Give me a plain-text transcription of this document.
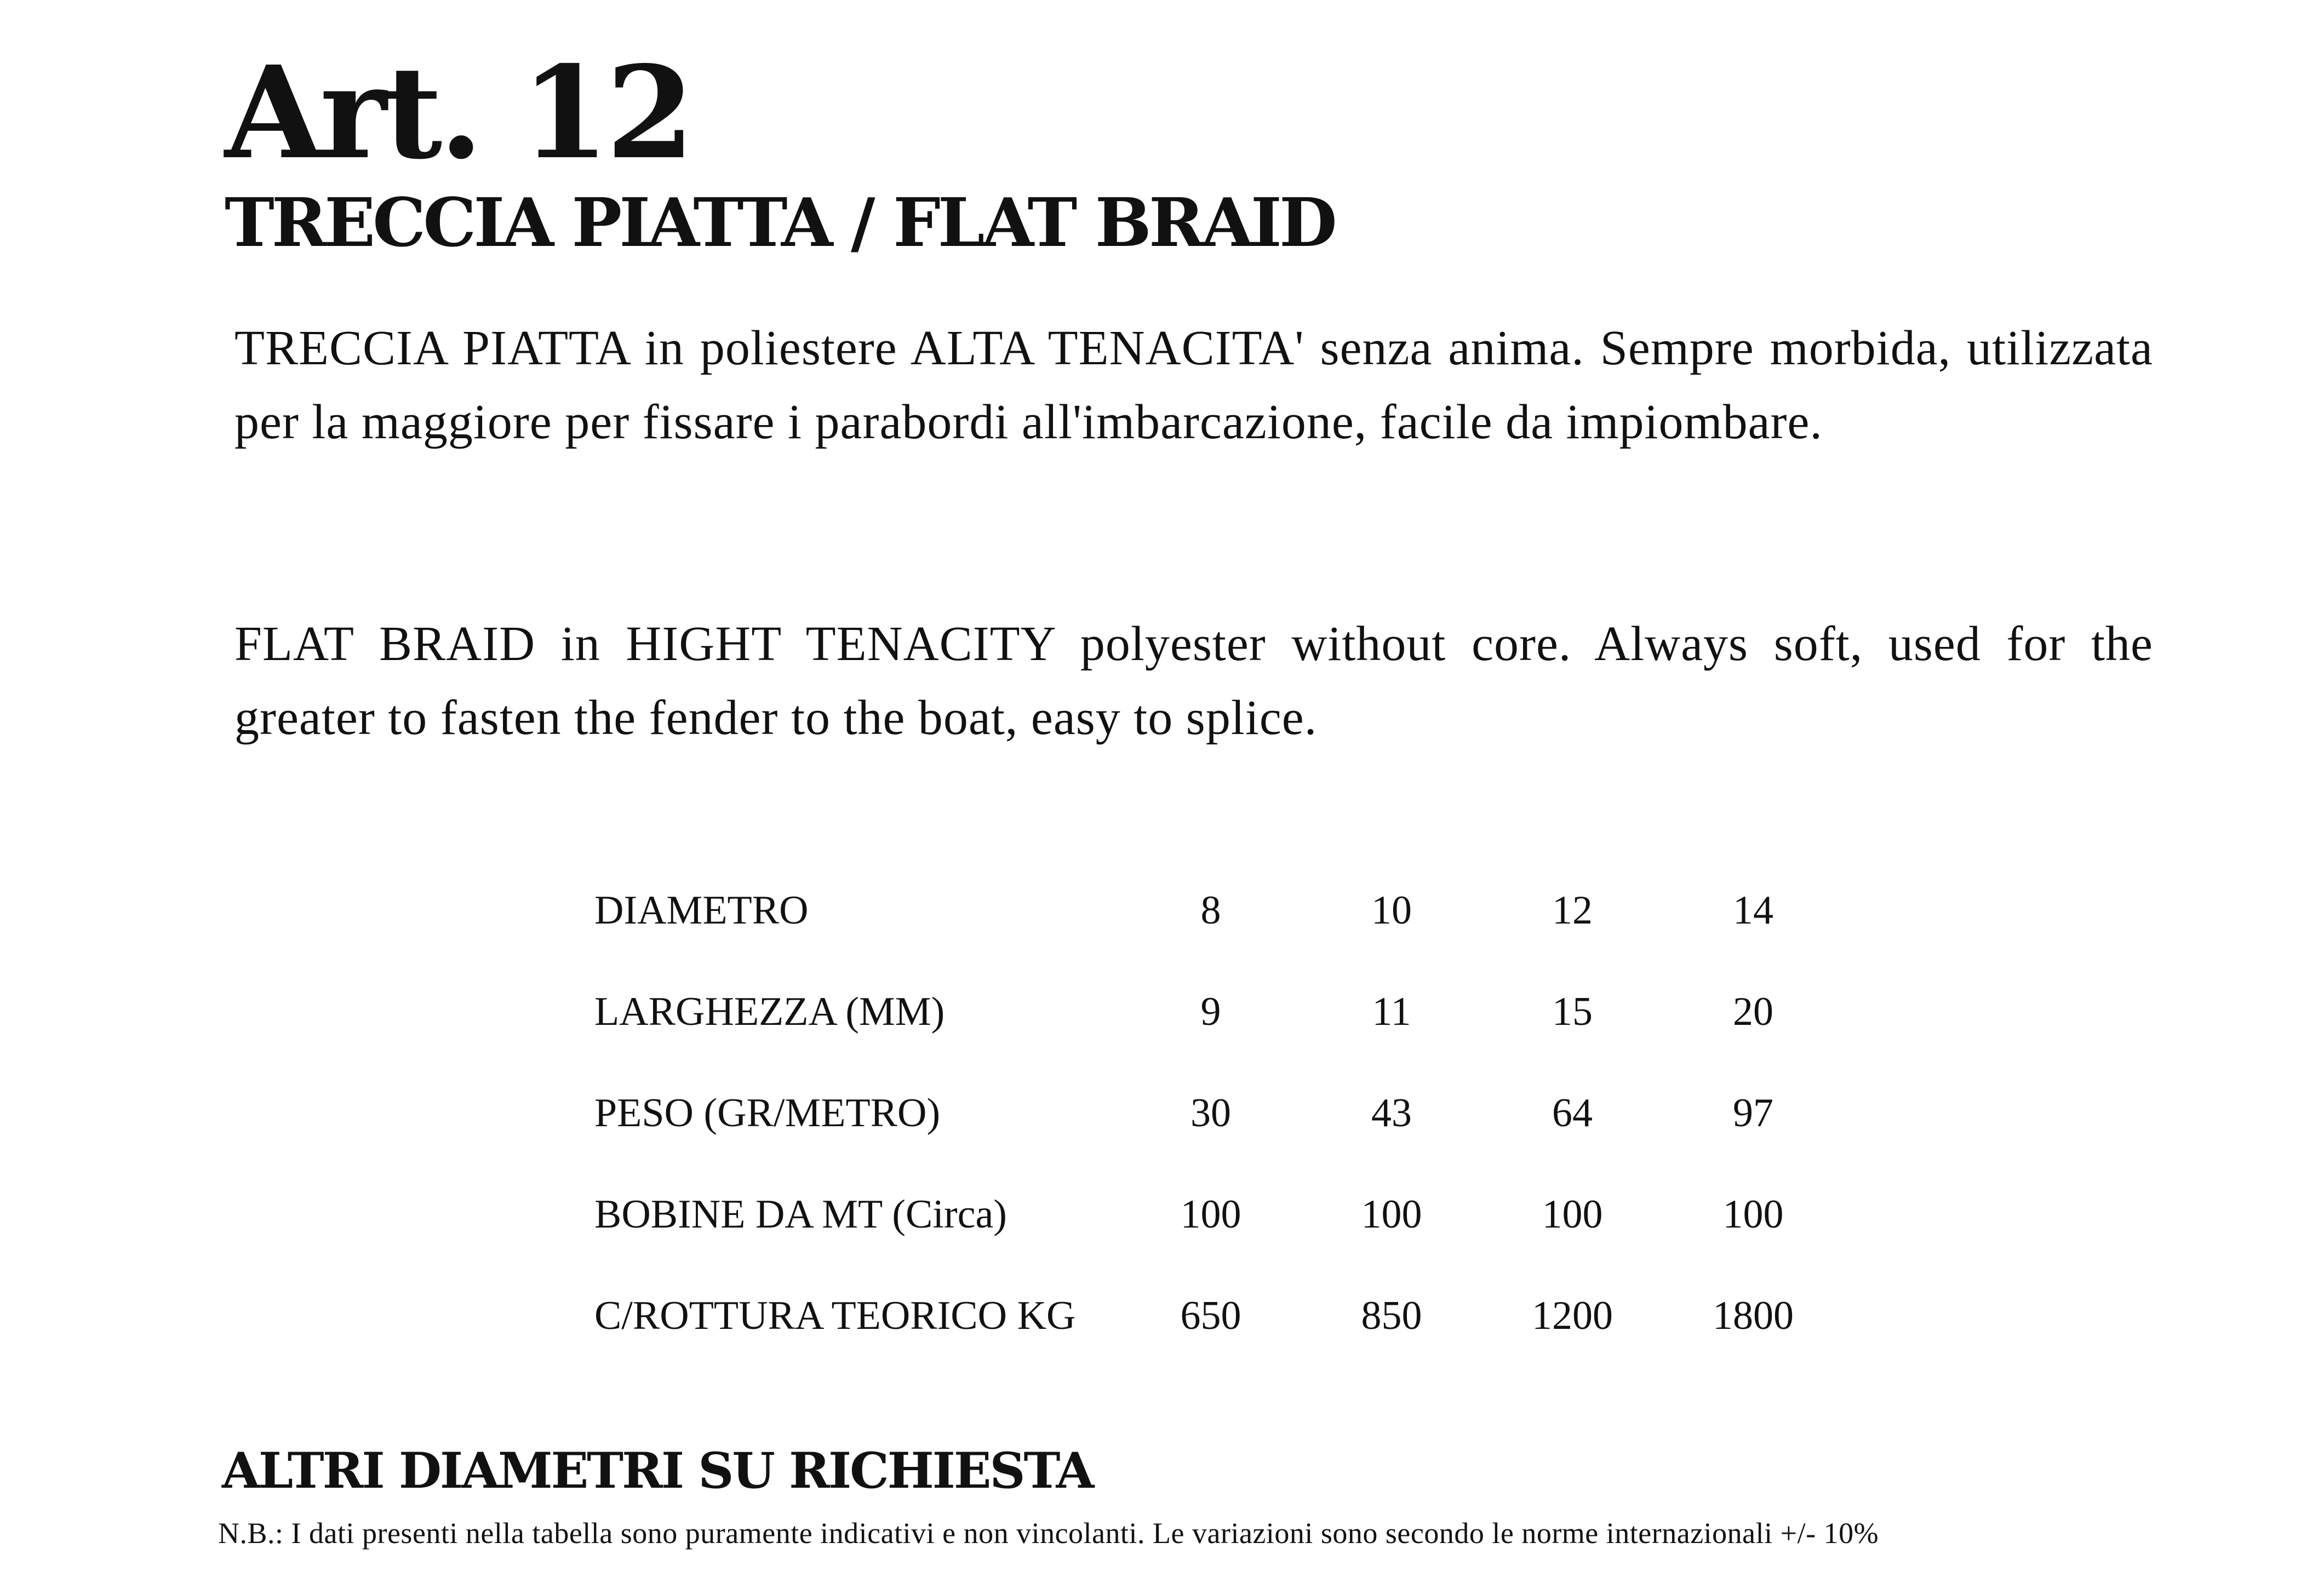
Art. 12
TRECCIA PIATTA / FLAT BRAID

TRECCIA PIATTA in poliestere ALTA TENACITA' senza anima. Sempre morbida, utilizzata per la maggiore per fissare i parabordi all'imbarcazione, facile da impiombare.

FLAT BRAID in HIGHT TENACITY polyester without core. Always soft, used for the greater to fasten the fender to the boat, easy to splice.

DIAMETRO	8	10	12	14
LARGHEZZA (MM)	9	11	15	20
PESO (GR/METRO)	30	43	64	97
BOBINE DA MT (Circa)	100	100	100	100
C/ROTTURA TEORICO KG	650	850	1200	1800
ALTRI DIAMETRI SU RICHIESTA

N.B.: I dati presenti nella tabella sono puramente indicativi e non vincolanti. Le variazioni sono secondo le norme internazionali +/- 10%
